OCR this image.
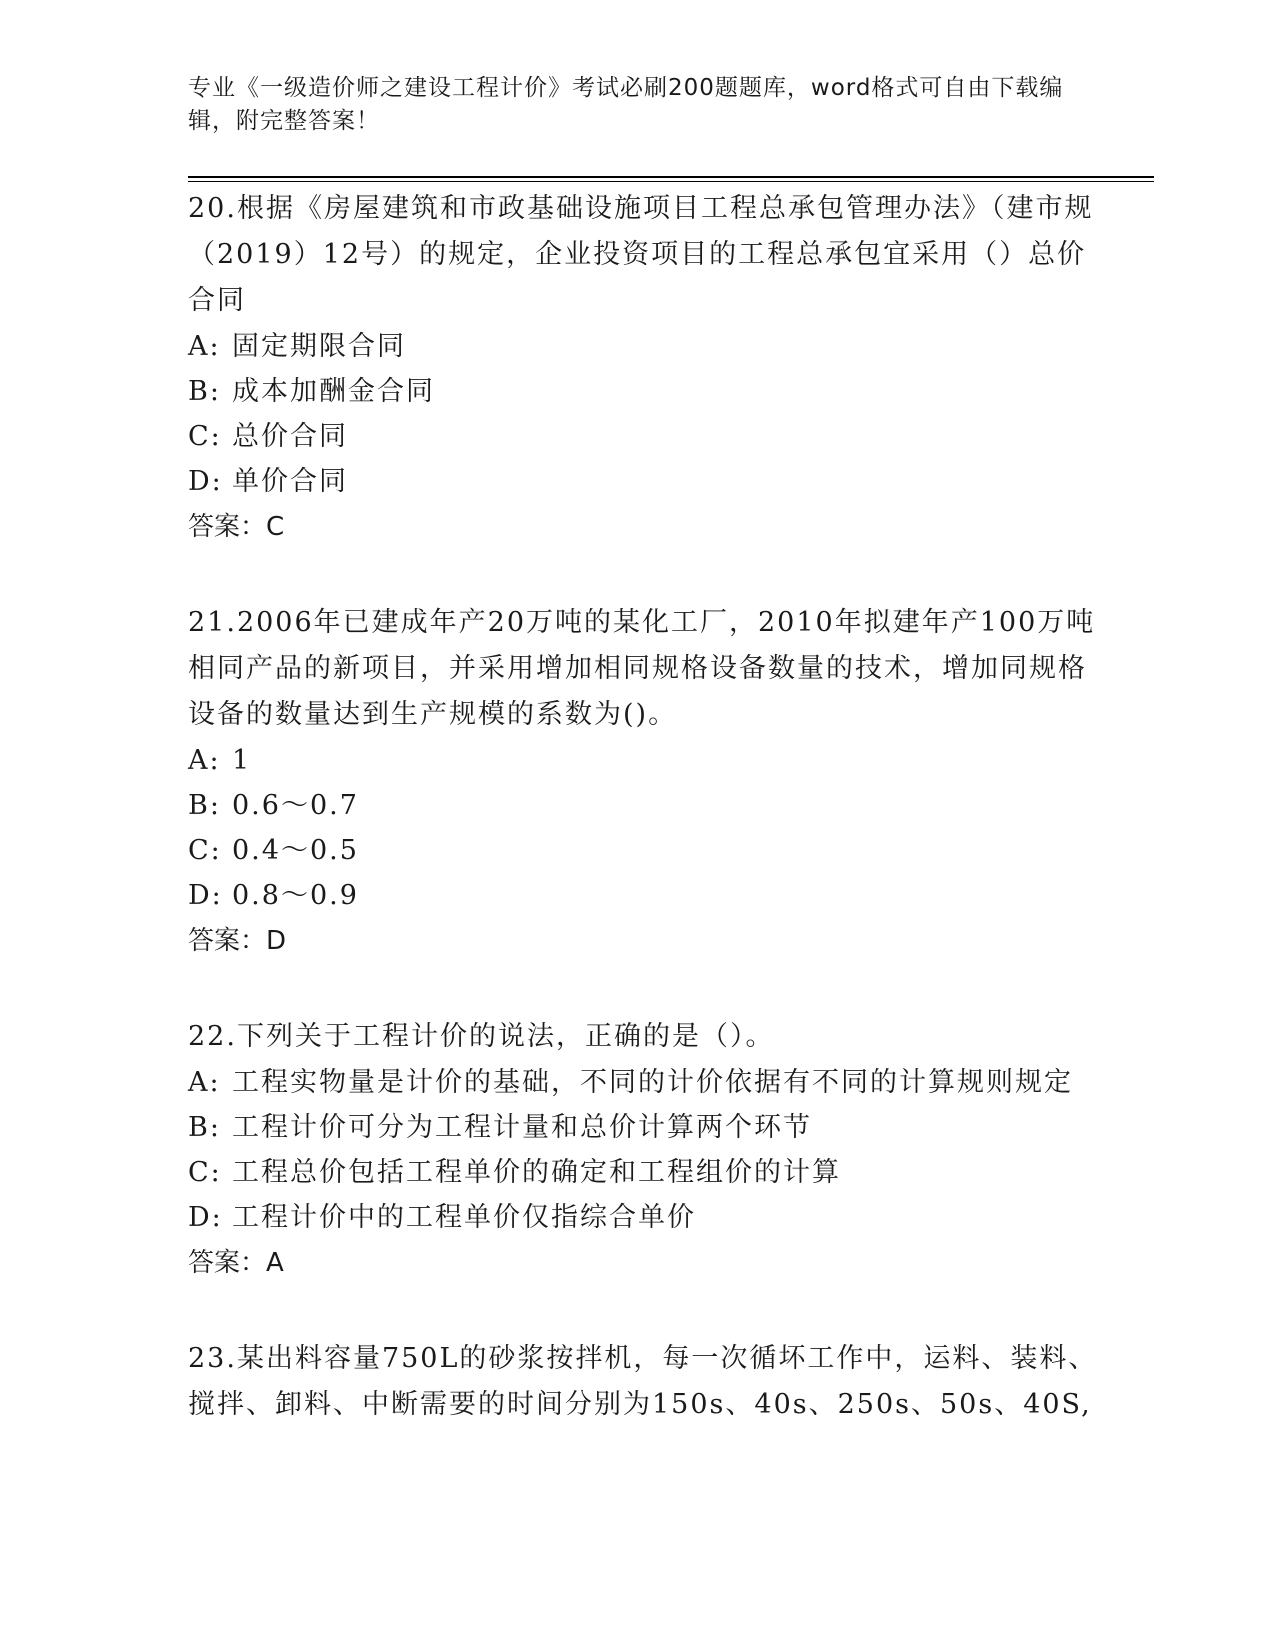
专业《一级造价师之建设工程计价》考试必刷200题题库，word格式可自由下载编辑，附完整答案！

20.根据《房屋建筑和市政基础设施项目工程总承包管理办法》（建市规（2019）12号）的规定，企业投资项目的工程总承包宜采用（）总价合同

A: 固定期限合同
B: 成本加酬金合同
C: 总价合同
D: 单价合同

答案：C

21.2006年已建成年产20万吨的某化工厂，2010年拟建年产100万吨相同产品的新项目，并采用增加相同规格设备数量的技术，增加同规格设备的数量达到生产规模的系数为()。

A: 1
B: 0.6～0.7
C: 0.4～0.5
D: 0.8～0.9

答案：D

22.下列关于工程计价的说法，正确的是（）。

A: 工程实物量是计价的基础，不同的计价依据有不同的计算规则规定
B: 工程计价可分为工程计量和总价计算两个环节
C: 工程总价包括工程单价的确定和工程组价的计算
D: 工程计价中的工程单价仅指综合单价

答案：A

23.某出料容量750L的砂浆按拌机，每一次循坏工作中，运料、装料、搅拌、卸料、中断需要的时间分别为150s、40s、250s、50s、40S,
